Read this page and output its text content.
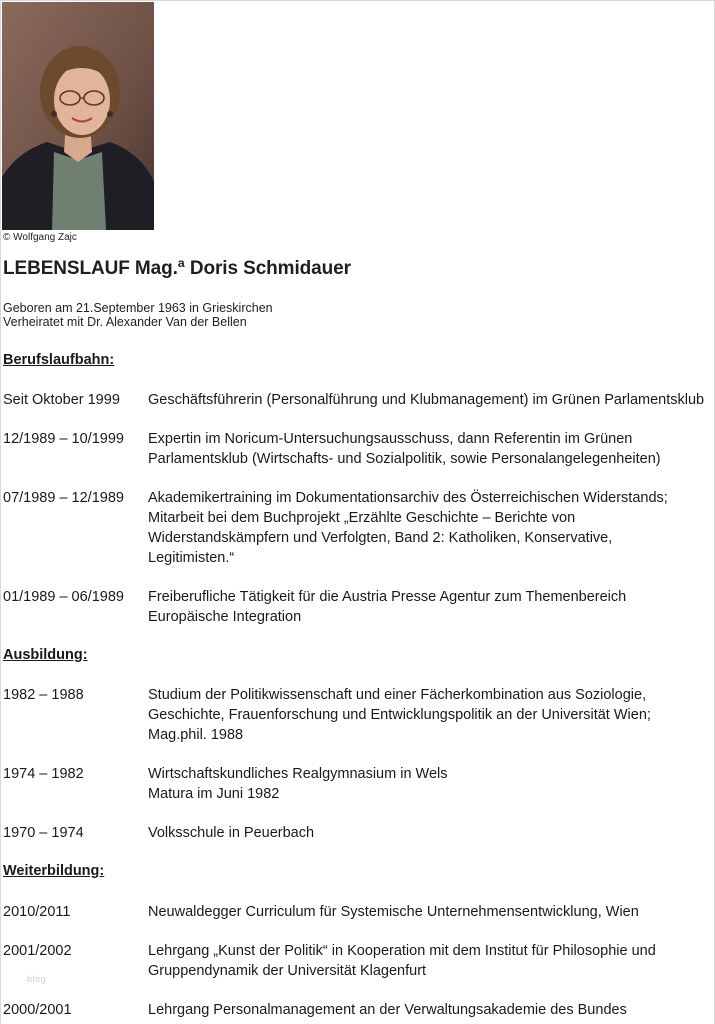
© Wolfgang Zajc
LEBENSLAUF Mag.ª Doris Schmidauer
Geboren am 21.September 1963 in Grieskirchen
Verheiratet mit Dr. Alexander Van der Bellen
Berufslaufbahn:
Seit Oktober 1999	Geschäftsführerin (Personalführung und Klubmanagement) im Grünen Parlamentsklub
12/1989 – 10/1999	Expertin im Noricum-Untersuchungsausschuss, dann Referentin im Grünen
Parlamentsklub (Wirtschafts- und Sozialpolitik, sowie Personalangelegenheiten)
07/1989 – 12/1989	Akademikertraining im Dokumentationsarchiv des Österreichischen Widerstands;
Mitarbeit bei dem Buchprojekt „Erzählte Geschichte – Berichte von
Widerstandskämpfern und Verfolgten, Band 2: Katholiken, Konservative,
Legitimisten.“
01/1989 – 06/1989	Freiberufliche Tätigkeit für die Austria Presse Agentur zum Themenbereich
Europäische Integration
Ausbildung:
1982 – 1988	Studium der Politikwissenschaft und einer Fächerkombination aus Soziologie,
Geschichte, Frauenforschung und Entwicklungspolitik an der Universität Wien;
Mag.phil. 1988
1974 – 1982	Wirtschaftskundliches Realgymnasium in Wels
Matura im Juni 1982
1970 – 1974	Volksschule in Peuerbach
Weiterbildung:
2010/2011	Neuwaldegger Curriculum für Systemische Unternehmensentwicklung, Wien
2001/2002	Lehrgang „Kunst der Politik“ in Kooperation mit dem Institut für Philosophie und
Gruppendynamik der Universität Klagenfurt
2000/2001	Lehrgang Personalmanagement an der Verwaltungsakademie des Bundes
blog
